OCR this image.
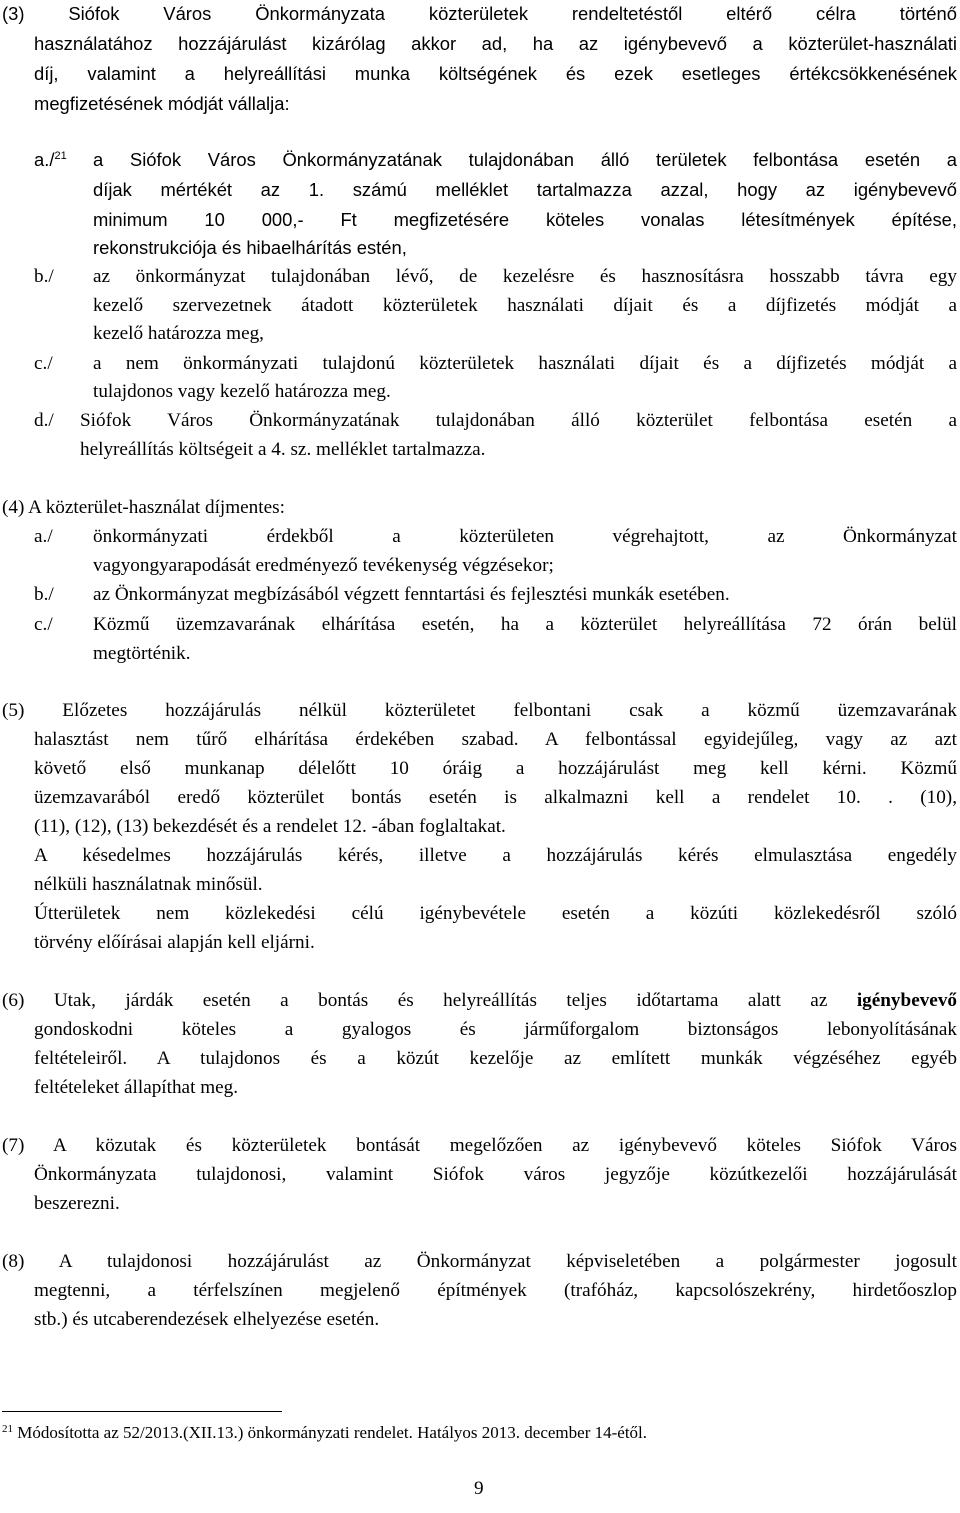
(3) Siófok Város Önkormányzata közterületek rendeltetéstől eltérő célra történő
használatához hozzájárulást kizárólag akkor ad, ha az igénybevevő a közterület-használati
díj, valamint a helyreállítási munka költségének és ezek esetleges értékcsökkenésének
megfizetésének módját vállalja:
a./$^{21}$ a Siófok Város Önkormányzatának tulajdonában álló területek felbontása esetén a
díjak mértékét az 1. számú melléklet tartalmazza azzal, hogy az igénybevevő
minimum 10 000,- Ft megfizetésére köteles vonalas létesítmények építése,
rekonstrukciója és hibaelhárítás estén,
b./ az önkormányzat tulajdonában lévő, de kezelésre és hasznosításra hosszabb távra egy
kezelő szervezetnek átadott közterületek használati díjait és a díjfizetés módját a
kezelő határozza meg,
c./ a nem önkormányzati tulajdonú közterületek használati díjait és a díjfizetés módját a
tulajdonos vagy kezelő határozza meg.
d./ Siófok Város Önkormányzatának tulajdonában álló közterület felbontása esetén a
helyreállítás költségeit a 4. sz. melléklet tartalmazza.
(4) A közterület-használat díjmentes:
a./ önkormányzati érdekből a közterületen végrehajtott, az Önkormányzat
vagyongyarapodását eredményező tevékenység végzésekor;
b./ az Önkormányzat megbízásából végzett fenntartási és fejlesztési munkák esetében.
c./ Közmű üzemzavarának elhárítása esetén, ha a közterület helyreállítása 72 órán belül
megtörténik.
(5) Előzetes hozzájárulás nélkül közterületet felbontani csak a közmű üzemzavarának
halasztást nem tűrő elhárítása érdekében szabad. A felbontással egyidejűleg, vagy az azt
követő első munkanap délelőtt 10 óráig a hozzájárulást meg kell kérni. Közmű
üzemzavarából eredő közterület bontás esetén is alkalmazni kell a rendelet 10. . (10),
(11), (12), (13) bekezdését és a rendelet 12. -ában foglaltakat.
A késedelmes hozzájárulás kérés, illetve a hozzájárulás kérés elmulasztása engedély
nélküli használatnak minősül.
Útterületek nem közlekedési célú igénybevétele esetén a közúti közlekedésről szóló
törvény előírásai alapján kell eljárni.
(6) Utak, járdák esetén a bontás és helyreállítás teljes időtartama alatt az igénybevevő
gondoskodni köteles a gyalogos és járműforgalom biztonságos lebonyolításának
feltételeiről. A tulajdonos és a közút kezelője az említett munkák végzéséhez egyéb
feltételeket állapíthat meg.
(7) A közutak és közterületek bontását megelőzően az igénybevevő köteles Siófok Város
Önkormányzata tulajdonosi, valamint Siófok város jegyzője közútkezelői hozzájárulását
beszerezni.
(8) A tulajdonosi hozzájárulást az Önkormányzat képviseletében a polgármester jogosult
megtenni, a térfelszínen megjelenő építmények (trafóház, kapcsolószekrény, hirdetőoszlop
stb.) és utcaberendezések elhelyezése esetén.
$^{21}$ Módosította az 52/2013.(XII.13.) önkormányzati rendelet. Hatályos 2013. december 14-étől.
9
